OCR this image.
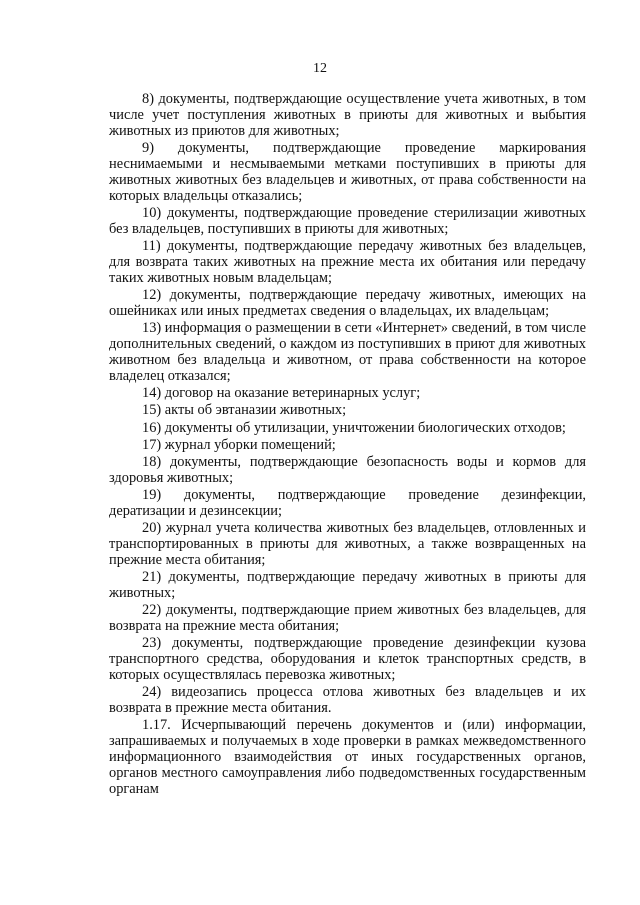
12

8) документы, подтверждающие осуществление учета животных, в том числе учет поступления животных в приюты для животных и выбытия животных из приютов для животных;

9) документы, подтверждающие проведение маркирования неснимаемыми и несмываемыми метками поступивших в приюты для животных животных без владельцев и животных, от права собственности на которых владельцы отказались;

10) документы, подтверждающие проведение стерилизации животных без владельцев, поступивших в приюты для животных;

11) документы, подтверждающие передачу животных без владельцев, для возврата таких животных на прежние места их обитания или передачу таких животных новым владельцам;

12) документы, подтверждающие передачу животных, имеющих на ошейниках или иных предметах сведения о владельцах, их владельцам;

13) информация о размещении в сети «Интернет» сведений, в том числе дополнительных сведений, о каждом из поступивших в приют для животных животном без владельца и животном, от права собственности на которое владелец отказался;

14) договор на оказание ветеринарных услуг;

15) акты об эвтаназии животных;

16) документы об утилизации, уничтожении биологических отходов;

17) журнал уборки помещений;

18) документы, подтверждающие безопасность воды и кормов для здоровья животных;

19) документы, подтверждающие проведение дезинфекции, дератизации и дезинсекции;

20) журнал учета количества животных без владельцев, отловленных и транспортированных в приюты для животных, а также возвращенных на прежние места обитания;

21) документы, подтверждающие передачу животных в приюты для животных;

22) документы, подтверждающие прием животных без владельцев, для возврата на прежние места обитания;

23) документы, подтверждающие проведение дезинфекции кузова транспортного средства, оборудования и клеток транспортных средств, в которых осуществлялась перевозка животных;

24) видеозапись процесса отлова животных без владельцев и их возврата в прежние места обитания.

1.17. Исчерпывающий перечень документов и (или) информации, запрашиваемых и получаемых в ходе проверки в рамках межведомственного информационного взаимодействия от иных государственных органов, органов местного самоуправления либо подведомственных государственным органам
